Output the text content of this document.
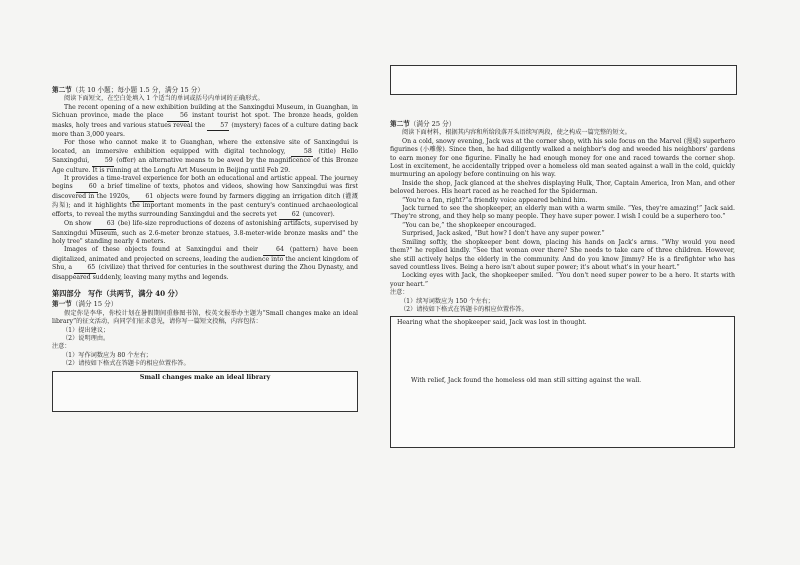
第二节（共 10 小题；每小题 1.5 分，满分 15 分）

阅读下面短文，在空白处填入 1 个适当的单词或括号内单词的正确形式。

The recent opening of a new exhibition building at the Sanxingdui Museum, in Guanghan, in Sichuan province, made the place	56 instant tourist hot spot. The bronze heads, golden masks, holy trees and various statues reveal the 57 (mystery) faces of a culture dating back more than 3,000 years.

For those who cannot make it to Guanghan, where the extensive site of Sanxingdui is located, an immersive exhibition equipped with digital technology,	58 (title) Hello Sanxingdui,	59 (offer) an alternative means to be awed by the magnificence of this Bronze Age culture. It is running at the Longfu Art Museum in Beijing until Feb 29.

It provides a time-travel experience for both an educational and artistic appeal. The journey begins	60 a brief timeline of texts, photos and videos, showing how Sanxingdui was first discovered in the 1920s, 61 objects were found by farmers digging an irrigation ditch (灌溉沟渠); and it highlights the important moments in the past century's continued archaeological efforts, to reveal the myths surrounding Sanxingdui and the secrets yet 62 (uncover).

On show 63 (be) life-size reproductions of dozens of astonishing artifacts, supervised by Sanxingdui Museum, such as 2.6-meter bronze statues, 3.8-meter-wide bronze masks and" the holy tree" standing nearly 4 meters.

Images of these objects found at Sanxingdui and their	64 (pattern) have been digitalized, animated and projected on screens, leading the audience into the ancient kingdom of Shu, a 65 (civilize) that thrived for centuries in the southwest during the Zhou Dynasty, and disappeared suddenly, leaving many myths and legends.

第四部分　写作（共两节，满分 40 分）

第一节（满分 15 分）

假定你是李华，你校计划在暑假期间重修图书馆，校英文报举办主题为“Small changes make an ideal library”的征文活动，向同学们征求意见，请你写一篇短文投稿，内容包括：

（1）提出建议；

（2）说明理由。

注意：

（1）写作词数应为 80 个左右；

（2）请按如下格式在答题卡的相应位置作答。

Small changes make an ideal library

第二节（满分 25 分）

阅读下面材料，根据其内容和所给段落开头语续写两段，使之构成一篇完整的短文。

On a cold, snowy evening, Jack was at the corner shop, with his sole focus on the Marvel (漫威) superhero figurines (小雕像). Since then, he had diligently walked a neighbor's dog and weeded his neighbors' gardens to earn money for one figurine. Finally he had enough money for one and raced towards the corner shop. Lost in excitement, he accidentally tripped over a homeless old man seated against a wall in the cold, quickly murmuring an apology before continuing on his way.

Inside the shop, Jack glanced at the shelves displaying Hulk, Thor, Captain America, Iron Man, and other beloved heroes. His heart raced as he reached for the Spiderman.

“You're a fan, right?”a friendly voice appeared behind him.

Jack turned to see the shopkeeper, an elderly man with a warm smile. “Yes, they're amazing!” Jack said. “They're strong, and they help so many people. They have super power. I wish I could be a superhero too.”

“You can be,” the shopkeeper encouraged.

Surprised, Jack asked, “But how? I don't have any super power.”

Smiling softly, the shopkeeper bent down, placing his hands on Jack's arms. “Why would you need them?” he replied kindly. “See that woman over there? She needs to take care of three children. However, she still actively helps the elderly in the community. And do you know Jimmy? He is a firefighter who has saved countless lives. Being a hero isn't about super power; it's about what's in your heart.”

Locking eyes with Jack, the shopkeeper smiled. “You don't need super power to be a hero. It starts with your heart.”

注意：

（1）续写词数应为 150 个左右；

（2）请按如下格式在答题卡的相应位置作答。

Hearing what the shopkeeper said, Jack was lost in thought.
With relief, Jack found the homeless old man still sitting against the wall.
